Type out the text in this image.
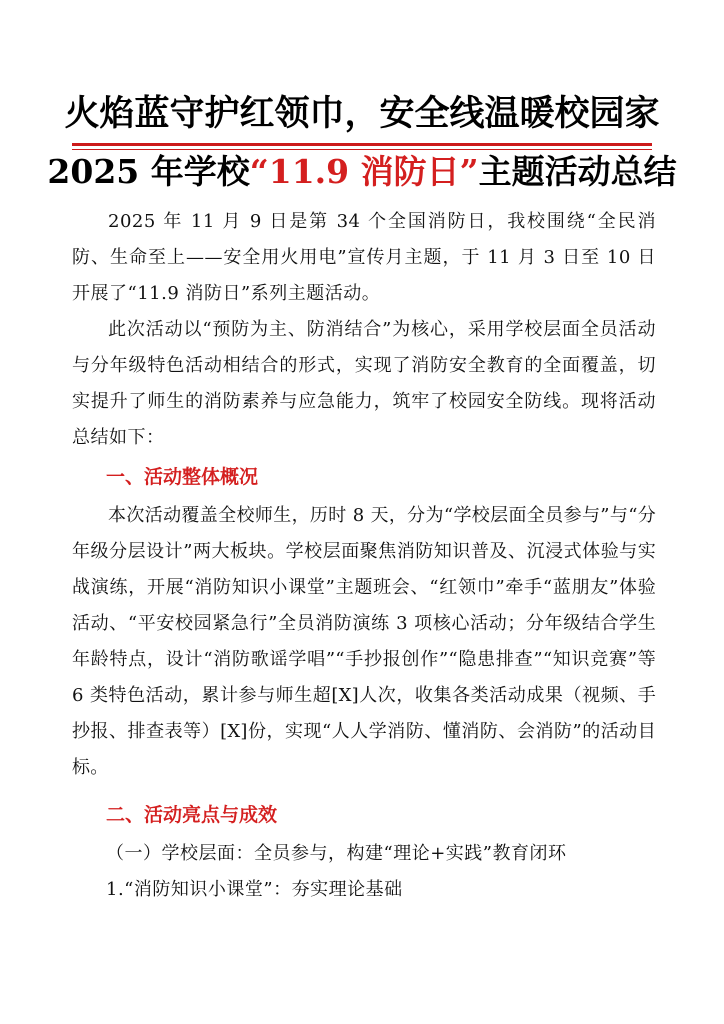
火焰蓝守护红领巾，安全线温暖校园家
2025 年学校“11.9 消防日”主题活动总结

2025 年 11 月 9 日是第 34 个全国消防日，我校围绕“全民消防、生命至上——安全用火用电”宣传月主题，于 11 月 3 日至 10 日开展了“11.9 消防日”系列主题活动。

此次活动以“预防为主、防消结合”为核心，采用学校层面全员活动与分年级特色活动相结合的形式，实现了消防安全教育的全面覆盖，切实提升了师生的消防素养与应急能力，筑牢了校园安全防线。现将活动总结如下：

一、活动整体概况

本次活动覆盖全校师生，历时 8 天，分为“学校层面全员参与”与“分年级分层设计”两大板块。学校层面聚焦消防知识普及、沉浸式体验与实战演练，开展“消防知识小课堂”主题班会、“红领巾”牵手“蓝朋友”体验活动、“平安校园紧急行”全员消防演练 3 项核心活动；分年级结合学生年龄特点，设计“消防歌谣学唱”“手抄报创作”“隐患排查”“知识竞赛”等 6 类特色活动，累计参与师生超[X]人次，收集各类活动成果（视频、手抄报、排查表等）[X]份，实现“人人学消防、懂消防、会消防”的活动目标。

二、活动亮点与成效

（一）学校层面：全员参与，构建“理论+实践”教育闭环

1.“消防知识小课堂”：夯实理论基础
